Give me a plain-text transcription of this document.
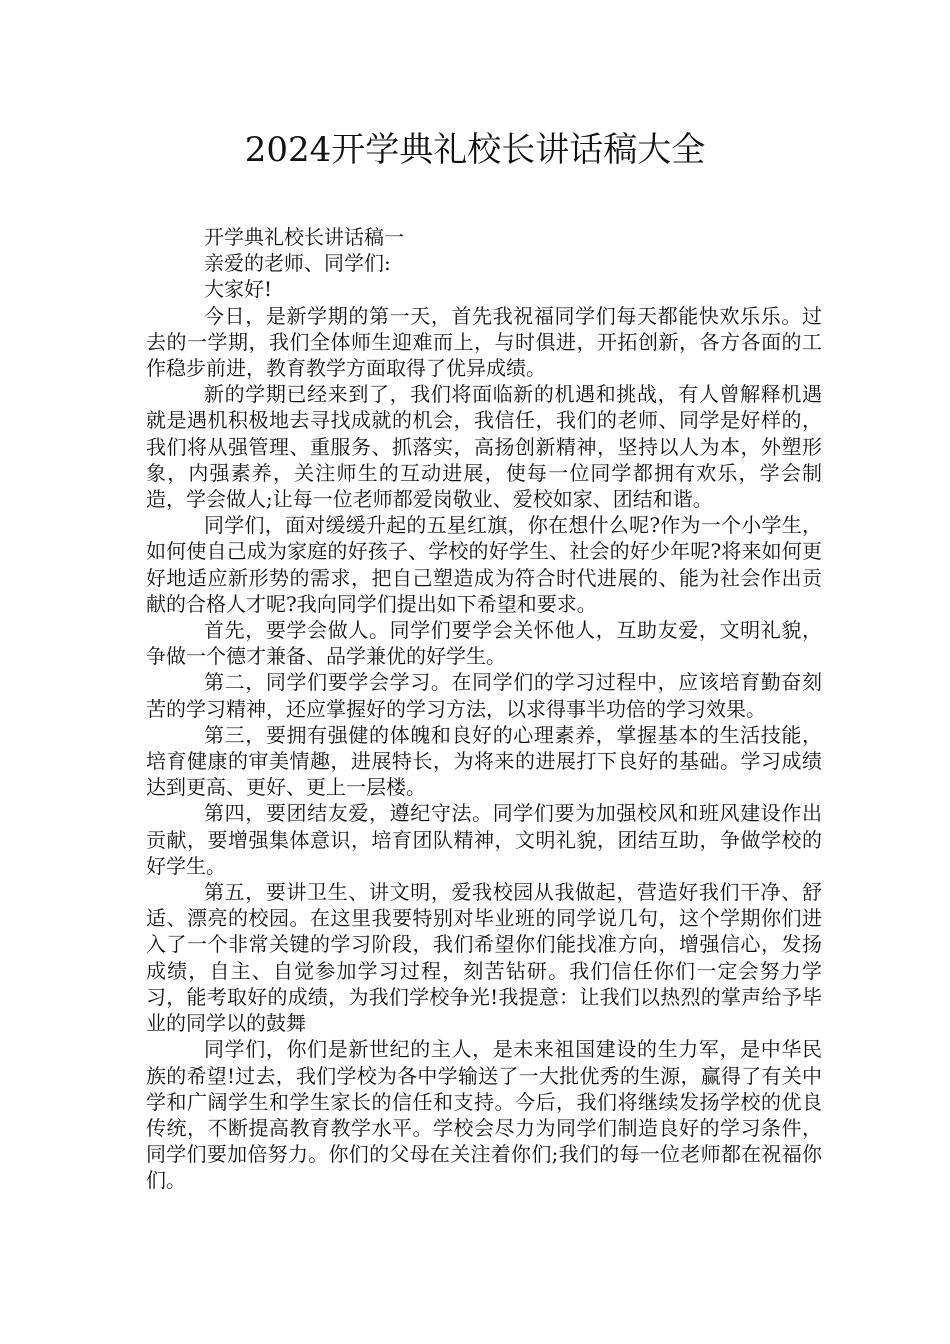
2024开学典礼校长讲话稿大全

开学典礼校长讲话稿一

亲爱的老师、同学们:

大家好!

今日，是新学期的第一天，首先我祝福同学们每天都能快欢乐乐。过去的一学期，我们全体师生迎难而上，与时俱进，开拓创新，各方各面的工作稳步前进，教育教学方面取得了优异成绩。

新的学期已经来到了，我们将面临新的机遇和挑战，有人曾解释机遇就是遇机积极地去寻找成就的机会，我信任，我们的老师、同学是好样的，我们将从强管理、重服务、抓落实，高扬创新精神，坚持以人为本，外塑形象，内强素养，关注师生的互动进展，使每一位同学都拥有欢乐，学会制造，学会做人;让每一位老师都爱岗敬业、爱校如家、团结和谐。

同学们，面对缓缓升起的五星红旗，你在想什么呢?作为一个小学生，如何使自己成为家庭的好孩子、学校的好学生、社会的好少年呢?将来如何更好地适应新形势的需求，把自己塑造成为符合时代进展的、能为社会作出贡献的合格人才呢?我向同学们提出如下希望和要求。

首先，要学会做人。同学们要学会关怀他人，互助友爱，文明礼貌，争做一个德才兼备、品学兼优的好学生。

第二，同学们要学会学习。在同学们的学习过程中，应该培育勤奋刻苦的学习精神，还应掌握好的学习方法，以求得事半功倍的学习效果。

第三，要拥有强健的体魄和良好的心理素养，掌握基本的生活技能，培育健康的审美情趣，进展特长，为将来的进展打下良好的基础。学习成绩达到更高、更好、更上一层楼。

第四，要团结友爱，遵纪守法。同学们要为加强校风和班风建设作出贡献，要增强集体意识，培育团队精神，文明礼貌，团结互助，争做学校的好学生。

第五，要讲卫生、讲文明，爱我校园从我做起，营造好我们干净、舒适、漂亮的校园。在这里我要特别对毕业班的同学说几句，这个学期你们进入了一个非常关键的学习阶段，我们希望你们能找准方向，增强信心，发扬成绩，自主、自觉参加学习过程，刻苦钻研。我们信任你们一定会努力学习，能考取好的成绩，为我们学校争光!我提意：让我们以热烈的掌声给予毕业的同学以的鼓舞

同学们，你们是新世纪的主人，是未来祖国建设的生力军，是中华民族的希望!过去，我们学校为各中学输送了一大批优秀的生源，赢得了有关中学和广阔学生和学生家长的信任和支持。今后，我们将继续发扬学校的优良传统，不断提高教育教学水平。学校会尽力为同学们制造良好的学习条件，同学们要加倍努力。你们的父母在关注着你们;我们的每一位老师都在祝福你们。
